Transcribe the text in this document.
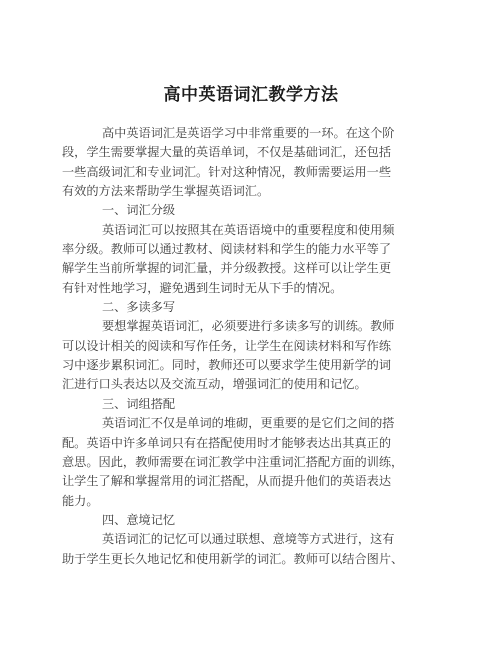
高中英语词汇教学方法
高中英语词汇是英语学习中非常重要的一环。在这个阶
段，学生需要掌握大量的英语单词，不仅是基础词汇，还包括
一些高级词汇和专业词汇。针对这种情况，教师需要运用一些
有效的方法来帮助学生掌握英语词汇。
一、词汇分级
英语词汇可以按照其在英语语境中的重要程度和使用频
率分级。教师可以通过教材、阅读材料和学生的能力水平等了
解学生当前所掌握的词汇量，并分级教授。这样可以让学生更
有针对性地学习，避免遇到生词时无从下手的情况。
二、多读多写
要想掌握英语词汇，必须要进行多读多写的训练。教师
可以设计相关的阅读和写作任务，让学生在阅读材料和写作练
习中逐步累积词汇。同时，教师还可以要求学生使用新学的词
汇进行口头表达以及交流互动，增强词汇的使用和记忆。
三、词组搭配
英语词汇不仅是单词的堆砌，更重要的是它们之间的搭
配。英语中许多单词只有在搭配使用时才能够表达出其真正的
意思。因此，教师需要在词汇教学中注重词汇搭配方面的训练，
让学生了解和掌握常用的词汇搭配，从而提升他们的英语表达
能力。
四、意境记忆
英语词汇的记忆可以通过联想、意境等方式进行，这有
助于学生更长久地记忆和使用新学的词汇。教师可以结合图片、
